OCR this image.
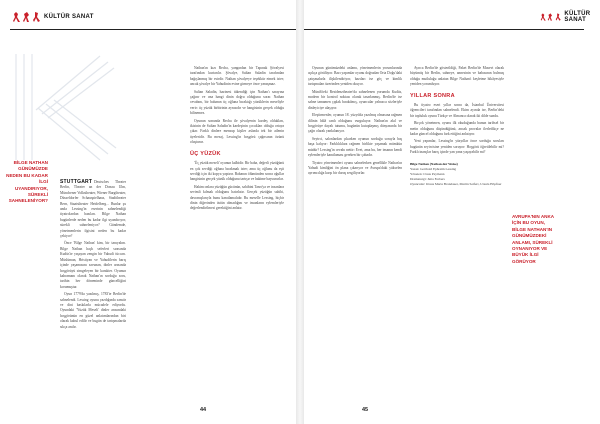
KÜLTÜR SANAT
BİLGE NATHAN GÜNÜMÜZDE NEDEN BU KADAR İLGİ UYANDIRIYOR, SÜREKLİ SAHNELENİYOR?

STUTTGART Deutsches Theater Berlin, Theater an der Donau Ulm, Münchener Volkstheater, Wiener Burgtheater, Düsseldorfer Schauspielhaus, Stadttheater Bern, Staatstheater Heidelberg... Bunlar şu anda Lessing'in eserinin sahnelendiği tiyatrolardan bazıları. Bilge Nathan bugünlerde neden bu kadar ilgi uyandırıyor, sürekli sahneleniyor? Gündemde, yönetmenlerin ilgisini neden bu kadar çekiyor?

Önce 'Bilge Nathan' kim, bir tanıyalım. Bilge Nathan haçlı seferleri sırasında Kudüs'te yaşayan zengin bir Yahudi tüccarı. Müslüman, Hristiyan ve Yahudilerin barış içinde yaşamasını savunan, dinler arasında hoşgörüyü simgeleyen bir karakter. Oyunun kahramanı olarak Nathan'ın sorduğu soru, tarihin her döneminde güncelliğini korumuştur.

Oyun 1779'da yazılmış, 1783'te Berlin'de sahnelendi. Lessing oyunu yazdığında sansür ve dini baskılarla mücadele ediyordu. Oyundaki 'Yüzük Meseli' dinler arasındaki hoşgörünün en güzel anlatımlarından biri olarak kabul edilir ve bugün de tartışmalarda sıkça anılır.

Nathan'ın kızı Recha, yangından bir Tapınak Şövalyesi tarafından kurtarılır. Şövalye, Sultan Saladin tarafından bağışlanmış bir esirdir. Nathan şövalyeye teşekkür etmek ister; ancak şövalye bir Yahudinin evine girmeye önce yanaşmaz.

Sultan Saladin, hazinesi tükendiği için Nathan'ı sarayına çağırır ve ona hangi dinin doğru olduğunu sorar. Nathan cevabını, bir babanın üç oğluna bıraktığı yüzüklerin meseliyle verir: üç yüzük birbirinin aynısıdır ve hangisinin gerçek olduğu bilinemez.

Oyunun sonunda Recha ile şövalyenin kardeş oldukları, ikisinin de Sultan Saladin'in kardeşinin çocukları olduğu ortaya çıkar. Farklı dinlere mensup kişiler aslında tek bir ailenin üyeleridir. Bu mesaj, Lessing'in hoşgörü çağrısının özünü oluşturur.

ÜÇ YÜZÜK

'Üç yüzük meseli' oyunun kalbidir. Bir baba, değerli yüzüğünü en çok sevdiği oğluna bırakmak ister; ama üç oğlunu da eşit sevdiği için iki kopya yaptırır. Babanın ölümünden sonra oğullar hangisinin gerçek yüzük olduğunu tartışır ve hakime başvururlar.

Hakim onlara yüzüğün gücünün, sahibini Tanrı'ya ve insanlara sevimli kılmak olduğunu hatırlatır. Gerçek yüzüğün sahibi, davranışlarıyla bunu kanıtlamalıdır. Bu meselle Lessing, hiçbir dinin diğerinden üstün olmadığını ve insanların eylemleriyle değerlendirilmesi gerektiğini anlatır.

44
KÜLTÜR SANAT

Oyunun günümüzdeki anlamı, yönetmenlerin yorumlarında açıkça görülüyor. Bazı yapımlar oyunu doğrudan Orta Doğu'daki çatışmalarla ilişkilendiriyor, bazıları ise göç ve kimlik tartışmaları üzerinden yeniden okuyor.

Münih'teki Residenztheater'da sahnelenen yorumda Kudüs, modern bir kontrol noktası olarak tasarlanmış. Berlin'de ise sahne tamamen çıplak bırakılmış, oyuncular yalnızca sözleriyle dinleyiciye ulaşıyor.

Eleştirmenler, oyunun 18. yüzyılda yazılmış olmasına rağmen dilinin hâlâ canlı olduğunu vurguluyor. Nathan'ın akıl ve hoşgörüye dayalı tutumu, bugünün kutuplaşmış dünyasında bir çağrı olarak yankılanıyor.

Seyirci, salonlardan çıkarken oyunun sorduğu soruyla baş başa kalıyor: Farklılıklara rağmen birlikte yaşamak mümkün müdür? Lessing'in cevabı nettir: Evet, ama bu, her insanın kendi eylemleriyle kanıtlaması gereken bir çabadır.

Tiyatro yönetmenleri oyunu sahnelerken genellikle Nathan'ın Yahudi kimliğini ön plana çıkarıyor ve Avrupa'daki yükselen ayrımcılığa karşı bir duruş sergiliyorlar.

Ayrıca Berlin'de gösterildiği, Paket Berlin'de Musevi olarak büyümüş bir Berlin, sahneye, annesinin ve babasının bulmuş olduğu mutluluğu anlatan Bilge Nathan'ı keşfetme hikâyesiyle yeniden yorumluyor.

YILLAR SONRA

Bu tiyatro eseri yıllar sonra da, İstanbul Üniversitesi öğrencileri tarafından sahnelendi. Ekim ayında ise, Berlin'deki bir topluluk oyunu Türkçe ve Almanca olarak iki dilde sundu.

Birçok yönetmen, oyunu ilk okuduğunda bunun tarihsel bir metin olduğunu düşündüğünü, ancak provalar ilerledikçe ne kadar güncel olduğunu fark ettiğini anlatıyor.

Yeni yapımlar, Lessing'in yüzyıllar önce sorduğu soruları bugünün seyircisine yeniden soruyor: Hoşgörü öğretilebilir mi? Farklı inançlar barış içinde yan yana yaşayabilir mi?

Bilge Nathan (Nathan der Weise)
Yazan: Gotthold Ephraim Lessing
Yöneten: Claus Peymann
Dramaturgi: Jutta Ferbers
Oyuncular: Klaus Maria Brandauer, Martin Seifert, Ursula Höpfner
AVRUPA'NIN ANKA İÇİN BU OYUN, BİLGE NATHAN'IN GÜNÜMÜZDEKİ ANLAMI, SÜREKLİ OYNANIYOR VE BÜYÜK İLGİ GÖRÜYOR
45
